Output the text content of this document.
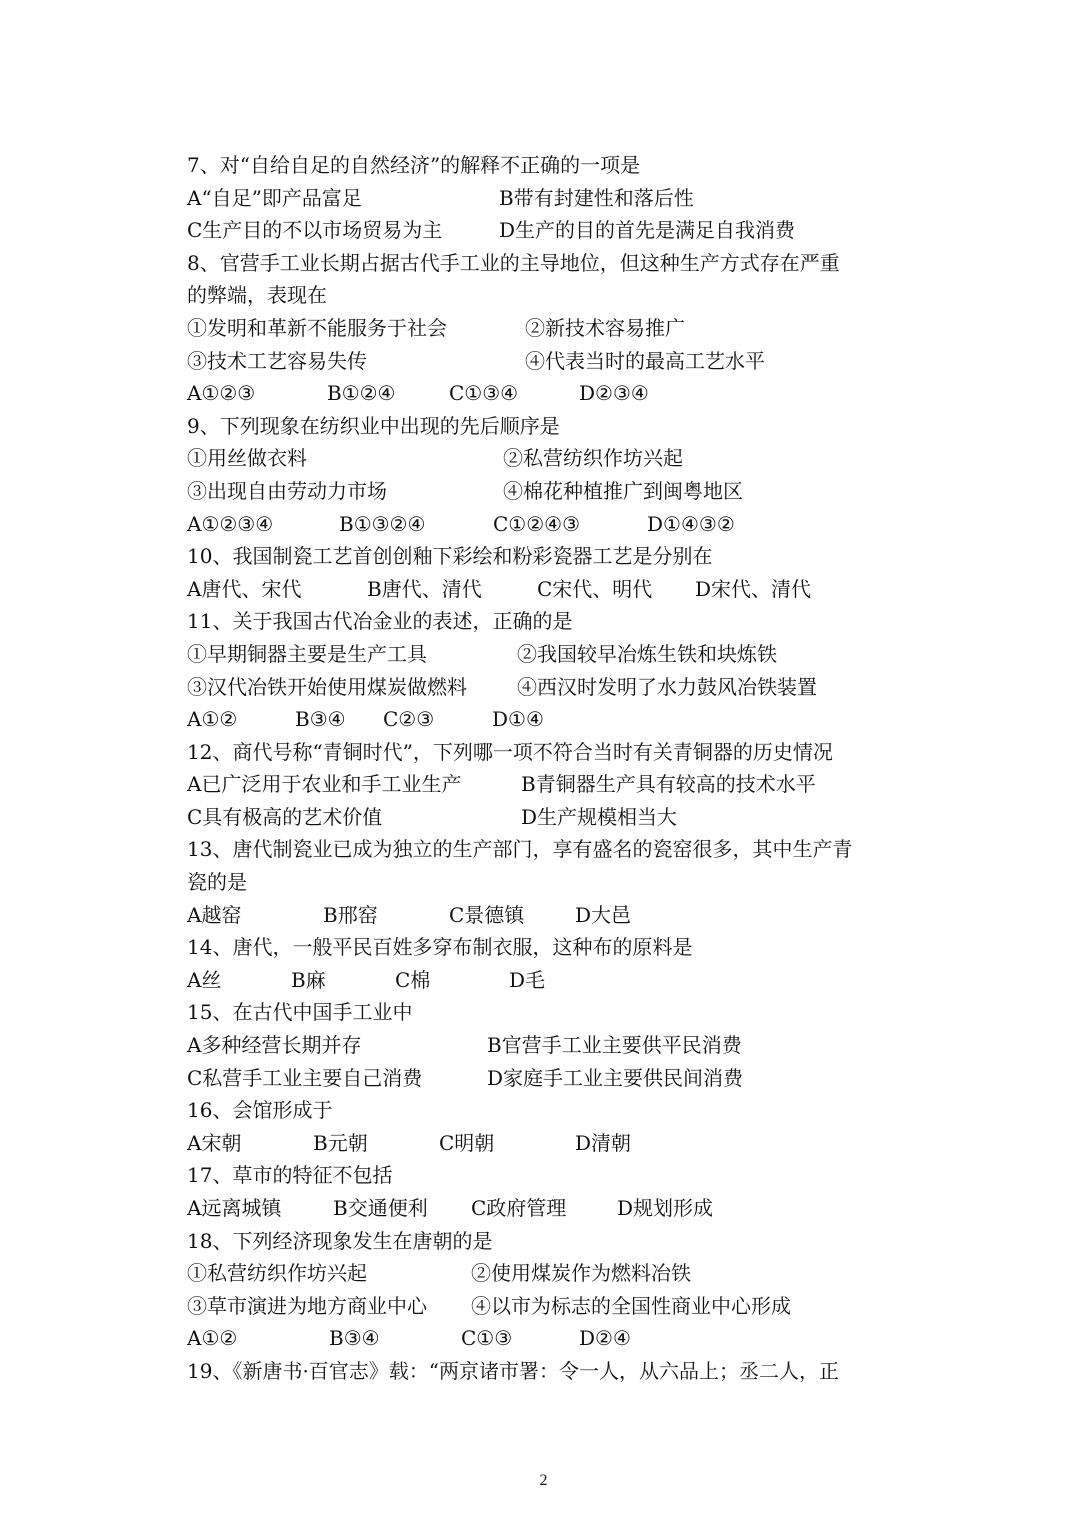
7、对“自给自足的自然经济”的解释不正确的一项是
A“自足”即产品富足	B带有封建性和落后性
C生产目的不以市场贸易为主	D生产的目的首先是满足自我消费
8、官营手工业长期占据古代手工业的主导地位，但这种生产方式存在严重
的弊端，表现在
①发明和革新不能服务于社会	②新技术容易推广
③技术工艺容易失传	④代表当时的最高工艺水平
A①②③	B①②④	C①③④	D②③④
9、下列现象在纺织业中出现的先后顺序是
①用丝做衣料	②私营纺织作坊兴起
③出现自由劳动力市场	④棉花种植推广到闽粤地区
A①②③④	B①③②④	C①②④③	D①④③②
10、我国制瓷工艺首创创釉下彩绘和粉彩瓷器工艺是分别在
A唐代、宋代	B唐代、清代	C宋代、明代 D宋代、清代
11、关于我国古代冶金业的表述，正确的是
①早期铜器主要是生产工具	②我国较早冶炼生铁和块炼铁
③汉代冶铁开始使用煤炭做燃料	④西汉时发明了水力鼓风冶铁装置
A①②	B③④ C②③	D①④
12、商代号称“青铜时代”，下列哪一项不符合当时有关青铜器的历史情况
A已广泛用于农业和手工业生产	B青铜器生产具有较高的技术水平
C具有极高的艺术价值	D生产规模相当大
13、唐代制瓷业已成为独立的生产部门，享有盛名的瓷窑很多，其中生产青
瓷的是
A越窑	B邢窑	C景德镇	D大邑
14、唐代，一般平民百姓多穿布制衣服，这种布的原料是
A丝	B麻	C棉	D毛
15、在古代中国手工业中
A多种经营长期并存	B官营手工业主要供平民消费
C私营手工业主要自己消费	D家庭手工业主要供民间消费
16、会馆形成于
A宋朝	B元朝	C明朝	D清朝
17、草市的特征不包括
A远离城镇	B交通便利 C政府管理	D规划形成
18、下列经济现象发生在唐朝的是
①私营纺织作坊兴起	②使用煤炭作为燃料冶铁
③草市演进为地方商业中心 ④以市为标志的全国性商业中心形成
A①②	B③④	C①③	D②④
19、《新唐书·百官志》载：“两京诸市署：令一人，从六品上；丞二人，正
2
